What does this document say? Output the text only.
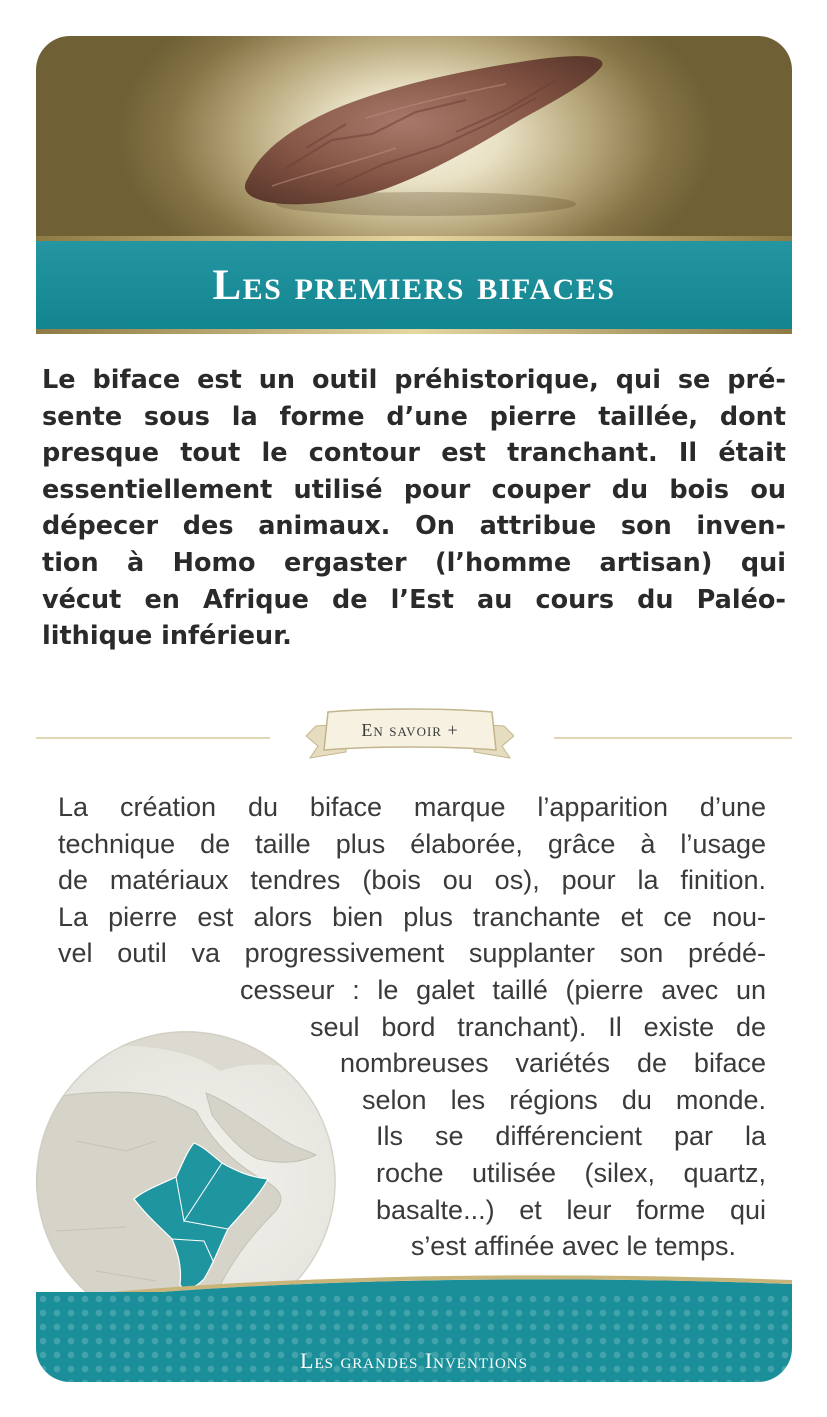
Les premiers bifaces

Le biface est un outil préhistorique, qui se pré-
sente sous la forme d’une pierre taillée, dont
presque tout le contour est tranchant. Il était
essentiellement utilisé pour couper du bois ou
dépecer des animaux. On attribue son inven-
tion à Homo ergaster (l’homme artisan) qui
vécut en Afrique de l’Est au cours du Paléo-
lithique inférieur.

En savoir +

La création du biface marque l’apparition d’une
technique de taille plus élaborée, grâce à l’usage
de matériaux tendres (bois ou os), pour la finition.
La pierre est alors bien plus tranchante et ce nou-
vel outil va progressivement supplanter son prédé-
cesseur : le galet taillé (pierre avec un
seul bord tranchant). Il existe de
nombreuses variétés de biface
selon les régions du monde.
Ils se différencient par la
roche utilisée (silex, quartz,
basalte...) et leur forme qui
s’est affinée avec le temps.

Les grandes Inventions
